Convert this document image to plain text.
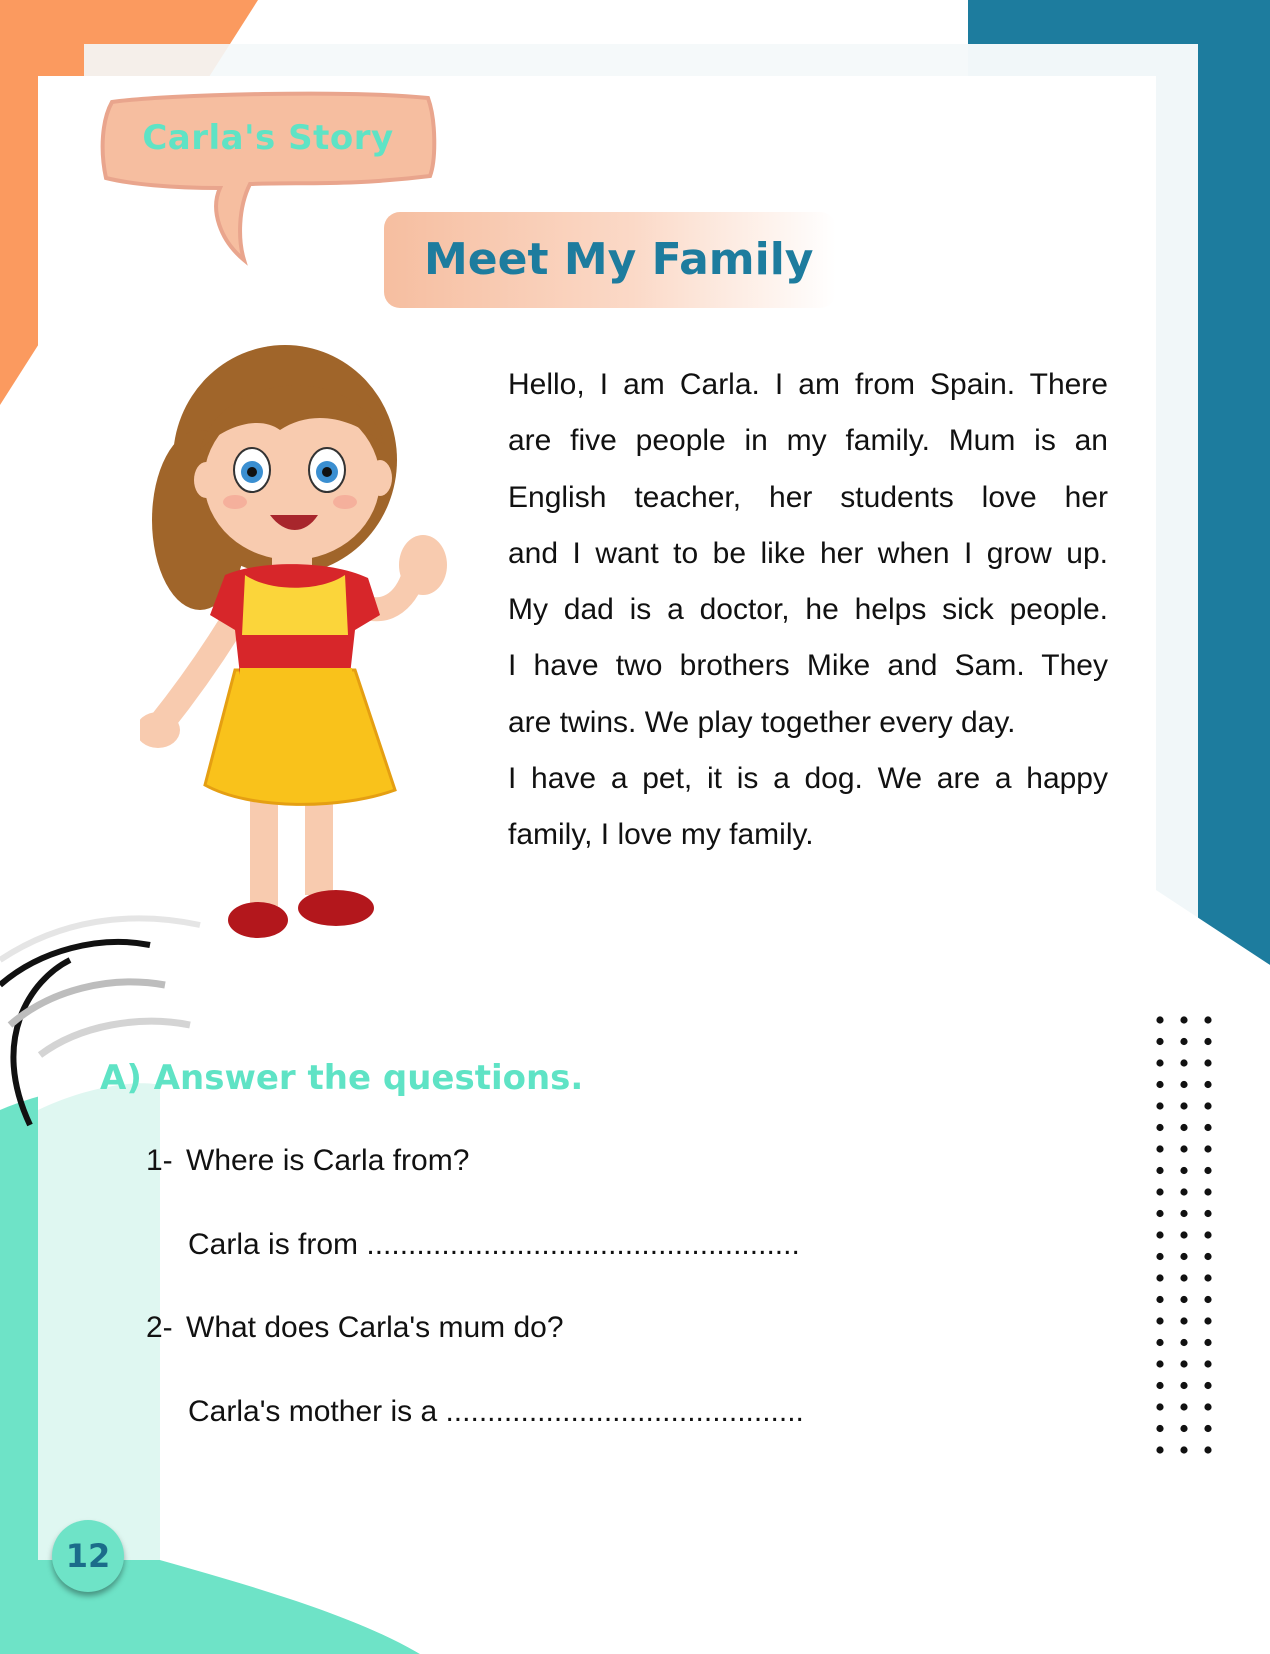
Carla's Story
Meet My Family
Hello, I am Carla. I am from Spain. There
are five people in my family. Mum is an
English teacher, her students love her
and I want to be like her when I grow up.
My dad is a doctor, he helps sick people.
I have two brothers Mike and Sam. They
are twins. We play together every day.
I have a pet, it is a dog. We are a happy
family, I love my family.
A) Answer the questions.
1- Where is Carla from?
Carla is from ....................................................
2- What does Carla's mum do?
Carla's mother is a ...........................................
12
